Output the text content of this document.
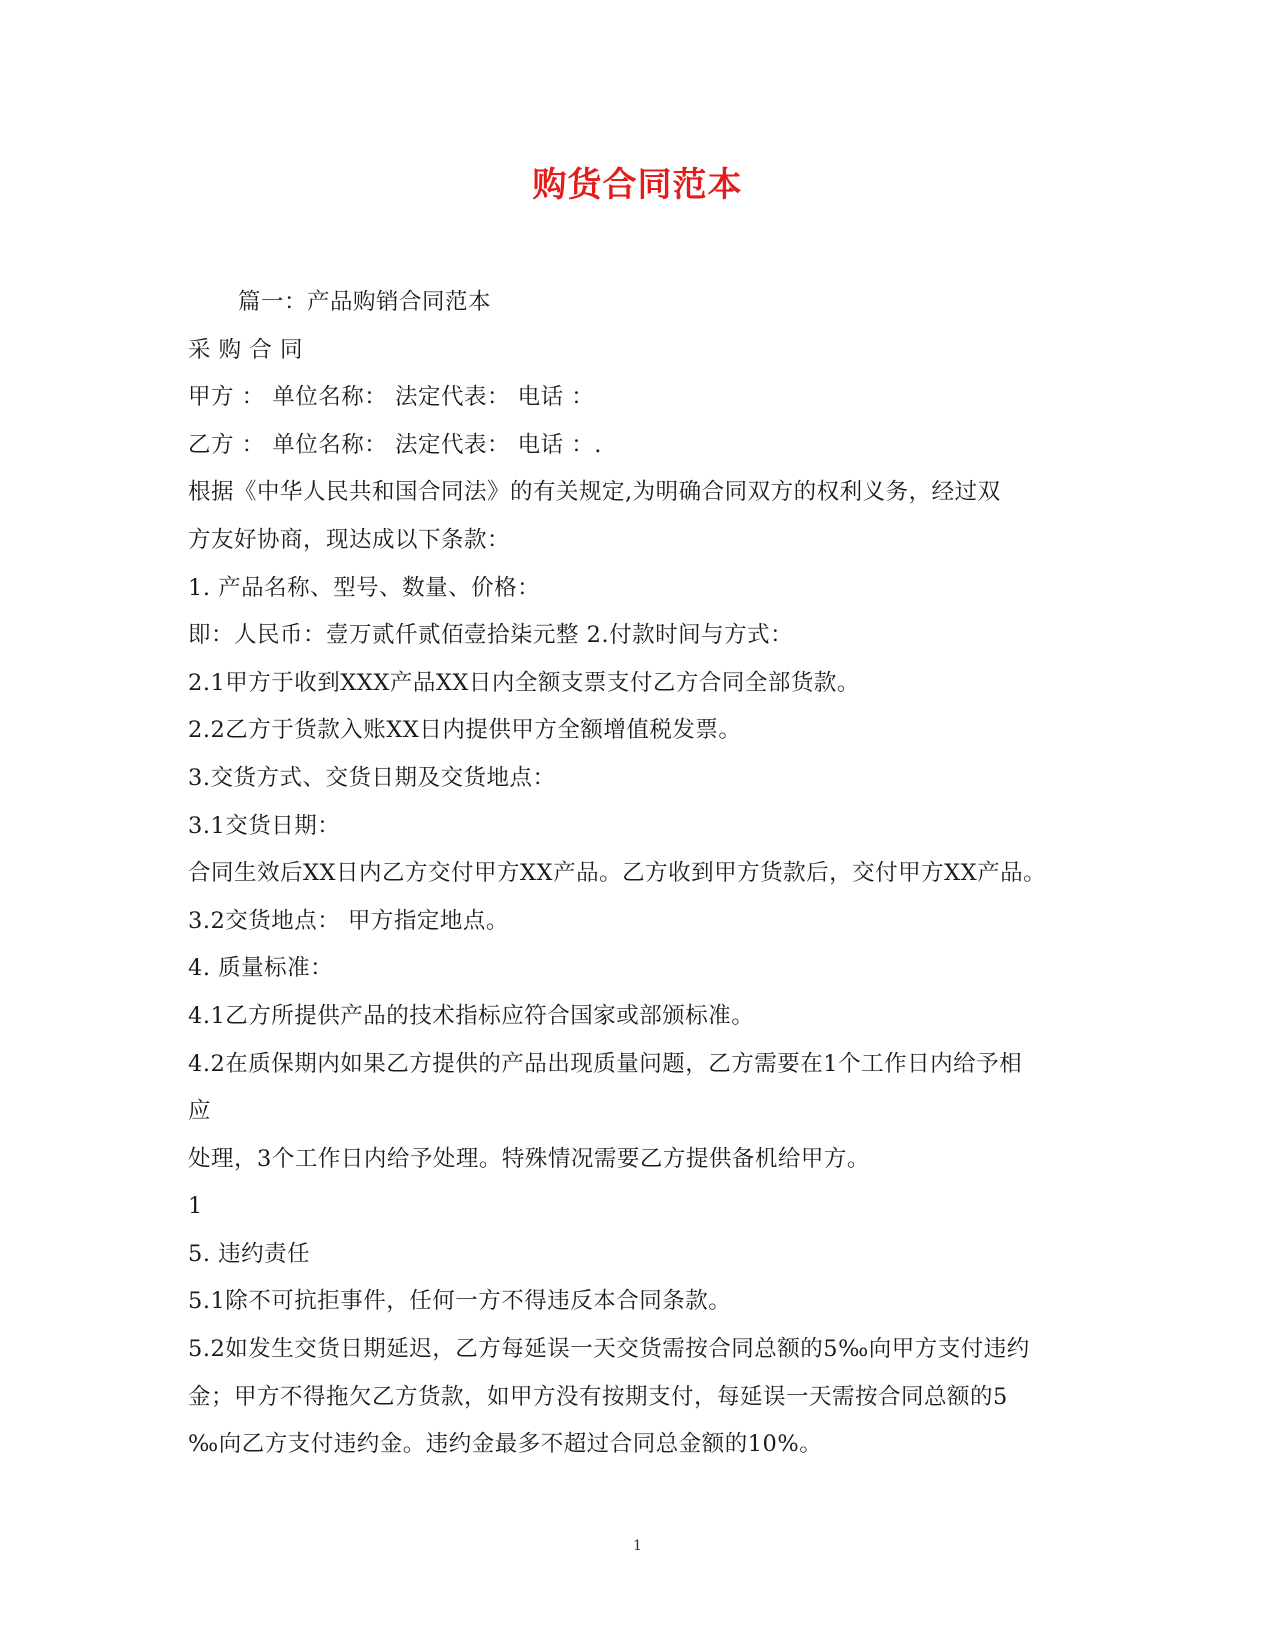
购货合同范本
篇一：产品购销合同范本
采 购 合 同
甲方 ： 单位名称： 法定代表： 电话 ：
乙方 ： 单位名称： 法定代表： 电话 ：.
根据《中华人民共和国合同法》的有关规定,为明确合同双方的权利义务，经过双
方友好协商，现达成以下条款：
1. 产品名称、型号、数量、价格：
即：人民币：壹万贰仟贰佰壹拾柒元整 2.付款时间与方式：
2.1甲方于收到XXX产品XX日内全额支票支付乙方合同全部货款。
2.2乙方于货款入账XX日内提供甲方全额增值税发票。
3.交货方式、交货日期及交货地点：
3.1交货日期：
合同生效后XX日内乙方交付甲方XX产品。乙方收到甲方货款后，交付甲方XX产品。
3.2交货地点： 甲方指定地点。
4. 质量标准：
4.1乙方所提供产品的技术指标应符合国家或部颁标准。
4.2在质保期内如果乙方提供的产品出现质量问题，乙方需要在1个工作日内给予相
应
处理，3个工作日内给予处理。特殊情况需要乙方提供备机给甲方。
1
5. 违约责任
5.1除不可抗拒事件，任何一方不得违反本合同条款。
5.2如发生交货日期延迟，乙方每延误一天交货需按合同总额的5‰向甲方支付违约
金；甲方不得拖欠乙方货款，如甲方没有按期支付，每延误一天需按合同总额的5
‰向乙方支付违约金。违约金最多不超过合同总金额的10%。
1
